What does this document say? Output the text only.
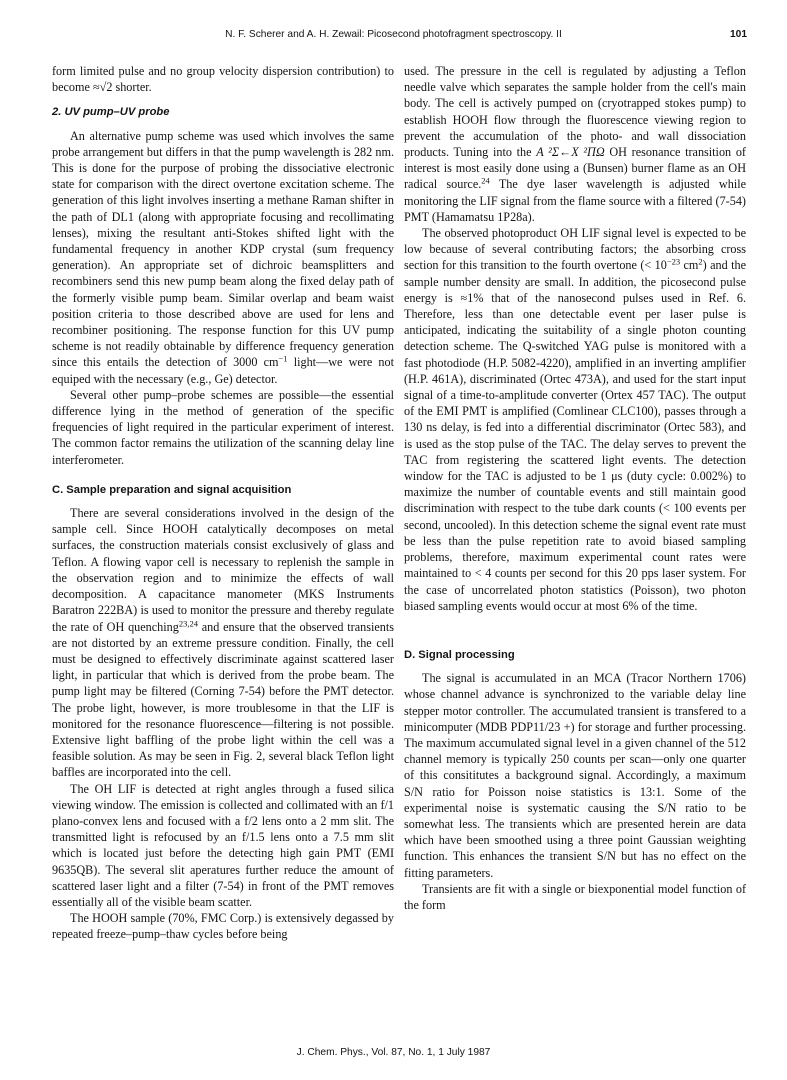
N. F. Scherer and A. H. Zewail: Picosecond photofragment spectroscopy. II	101

form limited pulse and no group velocity dispersion contribution) to become ≈√2 shorter.

2. UV pump–UV probe

An alternative pump scheme was used which involves the same probe arrangement but differs in that the pump wavelength is 282 nm. This is done for the purpose of probing the dissociative electronic state for comparison with the direct overtone excitation scheme. The generation of this light involves inserting a methane Raman shifter in the path of DL1 (along with appropriate focusing and recollimating lenses), mixing the resultant anti-Stokes shifted light with the fundamental frequency in another KDP crystal (sum frequency generation). An appropriate set of dichroic beamsplitters and recombiners send this new pump beam along the fixed delay path of the formerly visible pump beam. Similar overlap and beam waist position criteria to those described above are used for lens and recombiner positioning. The response function for this UV pump scheme is not readily obtainable by difference frequency generation since this entails the detection of 3000 $cm^{-1}$ light—we were not equiped with the necessary (e.g., Ge) detector.

Several other pump–probe schemes are possible—the essential difference lying in the method of generation of the specific frequencies of light required in the particular experiment of interest. The common factor remains the utilization of the scanning delay line interferometer.

C. Sample preparation and signal acquisition

There are several considerations involved in the design of the sample cell. Since HOOH catalytically decomposes on metal surfaces, the construction materials consist exclusively of glass and Teflon. A flowing vapor cell is necessary to replenish the sample in the observation region and to minimize the effects of wall decomposition. A capacitance manometer (MKS Instruments Baratron 222BA) is used to monitor the pressure and thereby regulate the rate of OH quenching$^{23,24}$ and ensure that the observed transients are not distorted by an extreme pressure condition. Finally, the cell must be designed to effectively discriminate against scattered laser light, in particular that which is derived from the probe beam. The pump light may be filtered (Corning 7-54) before the PMT detector. The probe light, however, is more troublesome in that the LIF is monitored for the resonance fluorescence—filtering is not possible. Extensive light baffling of the probe light within the cell was a feasible solution. As may be seen in Fig. 2, several black Teflon light baffles are incorporated into the cell.

The OH LIF is detected at right angles through a fused silica viewing window. The emission is collected and collimated with an f/1 plano-convex lens and focused with a f/2 lens onto a 2 mm slit. The transmitted light is refocused by an f/1.5 lens onto a 7.5 mm slit which is located just before the detecting high gain PMT (EMI 9635QB). The several slit aperatures further reduce the amount of scattered laser light and a filter (7-54) in front of the PMT removes essentially all of the visible beam scatter.

The HOOH sample (70%, FMC Corp.) is extensively degassed by repeated freeze–pump–thaw cycles before being

used. The pressure in the cell is regulated by adjusting a Teflon needle valve which separates the sample holder from the cell's main body. The cell is actively pumped on (cryotrapped stokes pump) to establish HOOH flow through the fluorescence viewing region to prevent the accumulation of the photo- and wall dissociation products. Tuning into the A ²Σ←X ²ΠΩ OH resonance transition of interest is most easily done using a (Bunsen) burner flame as an OH radical source.$^{24}$ The dye laser wavelength is adjusted while monitoring the LIF signal from the flame source with a filtered (7-54) PMT (Hamamatsu 1P28a).

The observed photoproduct OH LIF signal level is expected to be low because of several contributing factors; the absorbing cross section for this transition to the fourth overtone (< $10^{-23}$ $cm^2$) and the sample number density are small. In addition, the picosecond pulse energy is ≈1% that of the nanosecond pulses used in Ref. 6. Therefore, less than one detectable event per laser pulse is anticipated, indicating the suitability of a single photon counting detection scheme. The Q-switched YAG pulse is monitored with a fast photodiode (H.P. 5082-4220), amplified in an inverting amplifier (H.P. 461A), discriminated (Ortec 473A), and used for the start input signal of a time-to-amplitude converter (Ortex 457 TAC). The output of the EMI PMT is amplified (Comlinear CLC100), passes through a 130 ns delay, is fed into a differential discriminator (Ortec 583), and is used as the stop pulse of the TAC. The delay serves to prevent the TAC from registering the scattered light events. The detection window for the TAC is adjusted to be 1 μs (duty cycle: 0.002%) to maximize the number of countable events and still maintain good discrimination with respect to the tube dark counts (< 100 events per second, uncooled). In this detection scheme the signal event rate must be less than the pulse repetition rate to avoid biased sampling problems, therefore, maximum experimental count rates were maintained to < 4 counts per second for this 20 pps laser system. For the case of uncorrelated photon statistics (Poisson), two photon biased sampling events would occur at most 6% of the time.

D. Signal processing

The signal is accumulated in an MCA (Tracor Northern 1706) whose channel advance is synchronized to the variable delay line stepper motor controller. The accumulated transient is transfered to a minicomputer (MDB PDP11/23 +) for storage and further processing. The maximum accumulated signal level in a given channel of the 512 channel memory is typically 250 counts per scan—only one quarter of this consititutes a background signal. Accordingly, a maximum S/N ratio for Poisson noise statistics is 13:1. Some of the experimental noise is systematic causing the S/N ratio to be somewhat less. The transients which are presented herein are data which have been smoothed using a three point Gaussian weighting function. This enhances the transient S/N but has no effect on the fitting parameters.

Transients are fit with a single or biexponential model function of the form

J. Chem. Phys., Vol. 87, No. 1, 1 July 1987
